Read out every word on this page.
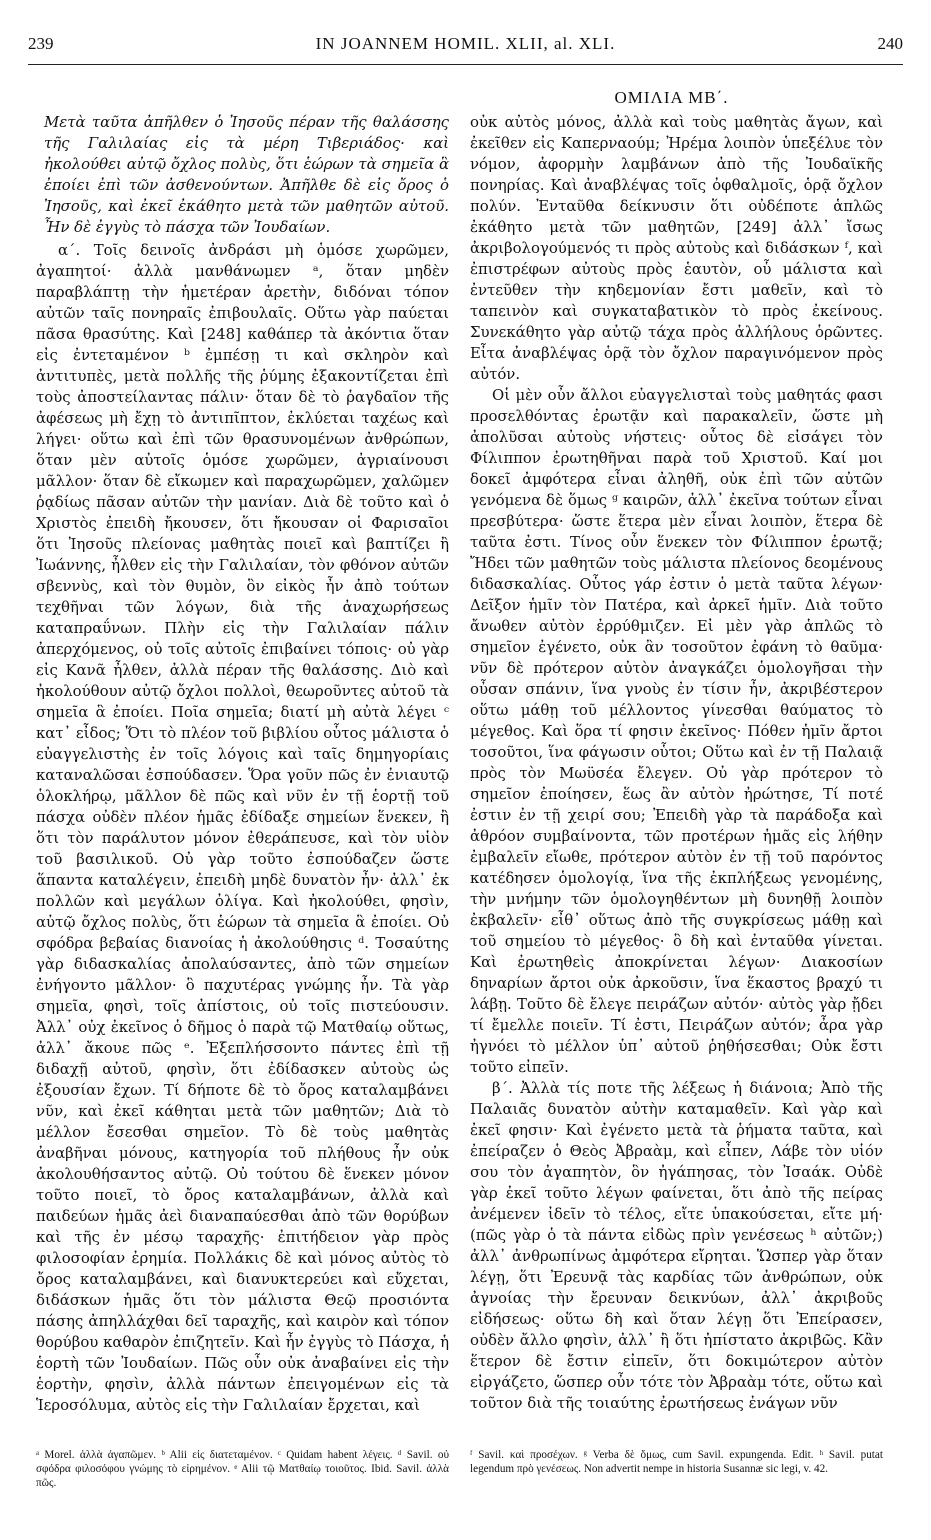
239	IN JOANNEM HOMIL. XLII, al. XLI.	240
ΟΜΙΛΙΑ ΜΒ΄.

Μετὰ ταῦτα ἀπῆλθεν ὁ Ἰησοῦς πέραν τῆς θαλάσσης τῆς Γαλιλαίας εἰς τὰ μέρη Τιβεριάδος· καὶ ἠκολούθει αὐτῷ ὄχλος πολὺς, ὅτι ἑώρων τὰ σημεῖα ἃ ἐποίει ἐπὶ τῶν ἀσθενούντων. Ἀπῆλθε δὲ εἰς ὄρος ὁ Ἰησοῦς, καὶ ἐκεῖ ἐκάθητο μετὰ τῶν μαθητῶν αὐτοῦ. Ἦν δὲ ἐγγὺς τὸ πάσχα τῶν Ἰουδαίων.

α΄. Τοῖς δεινοῖς ἀνδράσι μὴ ὁμόσε χωρῶμεν, ἀγαπητοί· ἀλλὰ μανθάνωμεν ᵃ, ὅταν μηδὲν παραβλάπτῃ τὴν ἡμετέραν ἀρετὴν, διδόναι τόπον αὐτῶν ταῖς πονηραῖς ἐπιβουλαῖς. Οὕτω γὰρ παύεται πᾶσα θρασύτης. Καὶ [248] καθάπερ τὰ ἀκόντια ὅταν εἰς ἐντεταμένον ᵇ ἐμπέσῃ τι καὶ σκληρὸν καὶ ἀντιτυπὲς, μετὰ πολλῆς τῆς ῥύμης ἐξακοντίζεται ἐπὶ τοὺς ἀποστείλαντας πάλιν· ὅταν δὲ τὸ ῥαγδαῖον τῆς ἀφέσεως μὴ ἔχῃ τὸ ἀντιπῖπτον, ἐκλύεται ταχέως καὶ λήγει· οὕτω καὶ ἐπὶ τῶν θρασυνομένων ἀνθρώπων, ὅταν μὲν αὐτοῖς ὁμόσε χωρῶμεν, ἀγριαίνουσι μᾶλλον· ὅταν δὲ εἴκωμεν καὶ παραχωρῶμεν, χαλῶμεν ῥᾳδίως πᾶσαν αὐτῶν τὴν μανίαν. Διὰ δὲ τοῦτο καὶ ὁ Χριστὸς ἐπειδὴ ἤκουσεν, ὅτι ἤκουσαν οἱ Φαρισαῖοι ὅτι Ἰησοῦς πλείονας μαθητὰς ποιεῖ καὶ βαπτίζει ἢ Ἰωάννης, ἦλθεν εἰς τὴν Γαλιλαίαν, τὸν φθόνον αὐτῶν σβεννὺς, καὶ τὸν θυμὸν, ὃν εἰκὸς ἦν ἀπὸ τούτων τεχθῆναι τῶν λόγων, διὰ τῆς ἀναχωρήσεως καταπραΰνων. Πλὴν εἰς τὴν Γαλιλαίαν πάλιν ἀπερχόμενος, οὐ τοῖς αὐτοῖς ἐπιβαίνει τόποις· οὐ γὰρ εἰς Κανᾶ ἦλθεν, ἀλλὰ πέραν τῆς θαλάσσης. Διὸ καὶ ἠκολούθουν αὐτῷ ὄχλοι πολλοὶ, θεωροῦντες αὐτοῦ τὰ σημεῖα ἃ ἐποίει. Ποῖα σημεῖα; διατί μὴ αὐτὰ λέγει ᶜ κατ᾽ εἶδος; Ὅτι τὸ πλέον τοῦ βιβλίου οὗτος μάλιστα ὁ εὐαγγελιστὴς ἐν τοῖς λόγοις καὶ ταῖς δημηγορίαις καταναλῶσαι ἐσπούδασεν. Ὅρα γοῦν πῶς ἐν ἐνιαυτῷ ὁλοκλήρῳ, μᾶλλον δὲ πῶς καὶ νῦν ἐν τῇ ἑορτῇ τοῦ πάσχα οὐδὲν πλέον ἡμᾶς ἐδίδαξε σημείων ἕνεκεν, ἢ ὅτι τὸν παράλυτον μόνον ἐθεράπευσε, καὶ τὸν υἱὸν τοῦ βασιλικοῦ. Οὐ γὰρ τοῦτο ἐσπούδαζεν ὥστε ἅπαντα καταλέγειν, ἐπειδὴ μηδὲ δυνατὸν ἦν· ἀλλ᾽ ἐκ πολλῶν καὶ μεγάλων ὀλίγα. Καὶ ἠκολούθει, φησὶν, αὐτῷ ὄχλος πολὺς, ὅτι ἑώρων τὰ σημεῖα ἃ ἐποίει. Οὐ σφόδρα βεβαίας διανοίας ἡ ἀκολούθησις ᵈ. Τοσαύτης γὰρ διδασκαλίας ἀπολαύσαντες, ἀπὸ τῶν σημείων ἐνήγοντο μᾶλλον· ὃ παχυτέρας γνώμης ἦν. Τὰ γὰρ σημεῖα, φησὶ, τοῖς ἀπίστοις, οὐ τοῖς πιστεύουσιν. Ἀλλ᾽ οὐχ ἐκεῖνος ὁ δῆμος ὁ παρὰ τῷ Ματθαίῳ οὕτως, ἀλλ᾽ ἄκουε πῶς ᵉ. Ἐξεπλήσσοντο πάντες ἐπὶ τῇ διδαχῇ αὐτοῦ, φησὶν, ὅτι ἐδίδασκεν αὐτοὺς ὡς ἐξουσίαν ἔχων. Τί δήποτε δὲ τὸ ὄρος καταλαμβάνει νῦν, καὶ ἐκεῖ κάθηται μετὰ τῶν μαθητῶν; Διὰ τὸ μέλλον ἔσεσθαι σημεῖον. Τὸ δὲ τοὺς μαθητὰς ἀναβῆναι μόνους, κατηγορία τοῦ πλήθους ἦν οὐκ ἀκολουθήσαντος αὐτῷ. Οὐ τούτου δὲ ἕνεκεν μόνον τοῦτο ποιεῖ, τὸ ὄρος καταλαμβάνων, ἀλλὰ καὶ παιδεύων ἡμᾶς ἀεὶ διαναπαύεσθαι ἀπὸ τῶν θορύβων καὶ τῆς ἐν μέσῳ ταραχῆς· ἐπιτήδειον γὰρ πρὸς φιλοσοφίαν ἐρημία. Πολλάκις δὲ καὶ μόνος αὐτὸς τὸ ὄρος καταλαμβάνει, καὶ διανυκτερεύει καὶ εὔχεται, διδάσκων ἡμᾶς ὅτι τὸν μάλιστα Θεῷ προσιόντα πάσης ἀπηλλάχθαι δεῖ ταραχῆς, καὶ καιρὸν καὶ τόπον θορύβου καθαρὸν ἐπιζητεῖν. Καὶ ἦν ἐγγὺς τὸ Πάσχα, ἡ ἑορτὴ τῶν Ἰουδαίων. Πῶς οὖν οὐκ ἀναβαίνει εἰς τὴν ἑορτὴν, φησὶν, ἀλλὰ πάντων ἐπειγομένων εἰς τὰ Ἱεροσόλυμα, αὐτὸς εἰς τὴν Γαλιλαίαν ἔρχεται, καὶ

οὐκ αὐτὸς μόνος, ἀλλὰ καὶ τοὺς μαθητὰς ἄγων, καὶ ἐκεῖθεν εἰς Καπερναούμ; Ἠρέμα λοιπὸν ὑπεξέλυε τὸν νόμον, ἀφορμὴν λαμβάνων ἀπὸ τῆς Ἰουδαϊκῆς πονηρίας. Καὶ ἀναβλέψας τοῖς ὀφθαλμοῖς, ὁρᾷ ὄχλον πολύν. Ἐνταῦθα δείκνυσιν ὅτι οὐδέποτε ἁπλῶς ἐκάθητο μετὰ τῶν μαθητῶν, [249] ἀλλ᾽ ἴσως ἀκριβολογούμενός τι πρὸς αὐτοὺς καὶ διδάσκων ᶠ, καὶ ἐπιστρέφων αὐτοὺς πρὸς ἑαυτὸν, οὗ μάλιστα καὶ ἐντεῦθεν τὴν κηδεμονίαν ἔστι μαθεῖν, καὶ τὸ ταπεινὸν καὶ συγκαταβατικὸν τὸ πρὸς ἐκείνους. Συνεκάθητο γὰρ αὐτῷ τάχα πρὸς ἀλλήλους ὁρῶντες. Εἶτα ἀναβλέψας ὁρᾷ τὸν ὄχλον παραγινόμενον πρὸς αὐτόν.

Οἱ μὲν οὖν ἄλλοι εὐαγγελισταὶ τοὺς μαθητάς φασι προσελθόντας ἐρωτᾷν καὶ παρακαλεῖν, ὥστε μὴ ἀπολῦσαι αὐτοὺς νήστεις· οὗτος δὲ εἰσάγει τὸν Φίλιππον ἐρωτηθῆναι παρὰ τοῦ Χριστοῦ. Καί μοι δοκεῖ ἀμφότερα εἶναι ἀληθῆ, οὐκ ἐπὶ τῶν αὐτῶν γενόμενα δὲ ὅμως ᵍ καιρῶν, ἀλλ᾽ ἐκεῖνα τούτων εἶναι πρεσβύτερα· ὥστε ἕτερα μὲν εἶναι λοιπὸν, ἕτερα δὲ ταῦτα ἐστι. Τίνος οὖν ἕνεκεν τὸν Φίλιππον ἐρωτᾷ; Ἤδει τῶν μαθητῶν τοὺς μάλιστα πλείονος δεομένους διδασκαλίας. Οὗτος γάρ ἐστιν ὁ μετὰ ταῦτα λέγων· Δεῖξον ἡμῖν τὸν Πατέρα, καὶ ἀρκεῖ ἡμῖν. Διὰ τοῦτο ἄνωθεν αὐτὸν ἐρρύθμιζεν. Εἰ μὲν γὰρ ἁπλῶς τὸ σημεῖον ἐγένετο, οὐκ ἂν τοσοῦτον ἐφάνη τὸ θαῦμα· νῦν δὲ πρότερον αὐτὸν ἀναγκάζει ὁμολογῆσαι τὴν οὖσαν σπάνιν, ἵνα γνοὺς ἐν τίσιν ἦν, ἀκριβέστερον οὕτω μάθῃ τοῦ μέλλοντος γίνεσθαι θαύματος τὸ μέγεθος. Καὶ ὅρα τί φησιν ἐκεῖνος· Πόθεν ἡμῖν ἄρτοι τοσοῦτοι, ἵνα φάγωσιν οὗτοι; Οὕτω καὶ ἐν τῇ Παλαιᾷ πρὸς τὸν Μωϋσέα ἔλεγεν. Οὐ γὰρ πρότερον τὸ σημεῖον ἐποίησεν, ἕως ἂν αὐτὸν ἠρώτησε, Τί ποτέ ἐστιν ἐν τῇ χειρί σου; Ἐπειδὴ γὰρ τὰ παράδοξα καὶ ἀθρόον συμβαίνοντα, τῶν προτέρων ἡμᾶς εἰς λήθην ἐμβαλεῖν εἴωθε, πρότερον αὐτὸν ἐν τῇ τοῦ παρόντος κατέδησεν ὁμολογίᾳ, ἵνα τῆς ἐκπλήξεως γενομένης, τὴν μνήμην τῶν ὁμολογηθέντων μὴ δυνηθῇ λοιπὸν ἐκβαλεῖν· εἶθ᾽ οὕτως ἀπὸ τῆς συγκρίσεως μάθῃ καὶ τοῦ σημείου τὸ μέγεθος· ὃ δὴ καὶ ἐνταῦθα γίνεται. Καὶ ἐρωτηθεὶς ἀποκρίνεται λέγων· Διακοσίων δηναρίων ἄρτοι οὐκ ἀρκοῦσιν, ἵνα ἕκαστος βραχύ τι λάβῃ. Τοῦτο δὲ ἔλεγε πειράζων αὐτόν· αὐτὸς γὰρ ᾔδει τί ἔμελλε ποιεῖν. Τί ἐστι, Πειράζων αὐτόν; ἆρα γὰρ ἠγνόει τὸ μέλλον ὑπ᾽ αὐτοῦ ῥηθήσεσθαι; Οὐκ ἔστι τοῦτο εἰπεῖν.

β΄. Ἀλλὰ τίς ποτε τῆς λέξεως ἡ διάνοια; Ἀπὸ τῆς Παλαιᾶς δυνατὸν αὐτὴν καταμαθεῖν. Καὶ γὰρ καὶ ἐκεῖ φησιν· Καὶ ἐγένετο μετὰ τὰ ῥήματα ταῦτα, καὶ ἐπείραζεν ὁ Θεὸς Ἀβραὰμ, καὶ εἶπεν, Λάβε τὸν υἱόν σου τὸν ἀγαπητὸν, ὃν ἠγάπησας, τὸν Ἰσαάκ. Οὐδὲ γὰρ ἐκεῖ τοῦτο λέγων φαίνεται, ὅτι ἀπὸ τῆς πείρας ἀνέμενεν ἰδεῖν τὸ τέλος, εἴτε ὑπακούσεται, εἴτε μή· (πῶς γὰρ ὁ τὰ πάντα εἰδὼς πρὶν γενέσεως ʰ αὐτῶν;) ἀλλ᾽ ἀνθρωπίνως ἀμφότερα εἴρηται. Ὥσπερ γὰρ ὅταν λέγῃ, ὅτι Ἐρευνᾷ τὰς καρδίας τῶν ἀνθρώπων, οὐκ ἀγνοίας τὴν ἔρευναν δεικνύων, ἀλλ᾽ ἀκριβοῦς εἰδήσεως· οὕτω δὴ καὶ ὅταν λέγῃ ὅτι Ἐπείρασεν, οὐδὲν ἄλλο φησὶν, ἀλλ᾽ ἢ ὅτι ἠπίστατο ἀκριβῶς. Κἂν ἕτερον δὲ ἔστιν εἰπεῖν, ὅτι δοκιμώτερον αὐτὸν εἰργάζετο, ὥσπερ οὖν τότε τὸν Ἀβραὰμ τότε, οὕτω καὶ τοῦτον διὰ τῆς τοιαύτης ἐρωτήσεως ἐνάγων νῦν

ᵃ Morel. ἀλλὰ ἀγαπῶμεν. ᵇ Alii εἰς διατεταμένον. ᶜ Quidam habent λέγεις. ᵈ Savil. οὐ σφόδρα φιλοσόφου γνώμης τὸ εἰρημένον. ᵉ Alii τῷ Ματθαίῳ τοιοῦτος. Ibid. Savil. ἀλλὰ πῶς.
ᶠ Savil. καὶ προσέχων. ᵍ Verba δὲ ὅμως, cum Savil. expungenda. Edit. ʰ Savil. putat legendum πρὸ γενέσεως. Non advertit nempe in historia Susannæ sic legi, v. 42.
